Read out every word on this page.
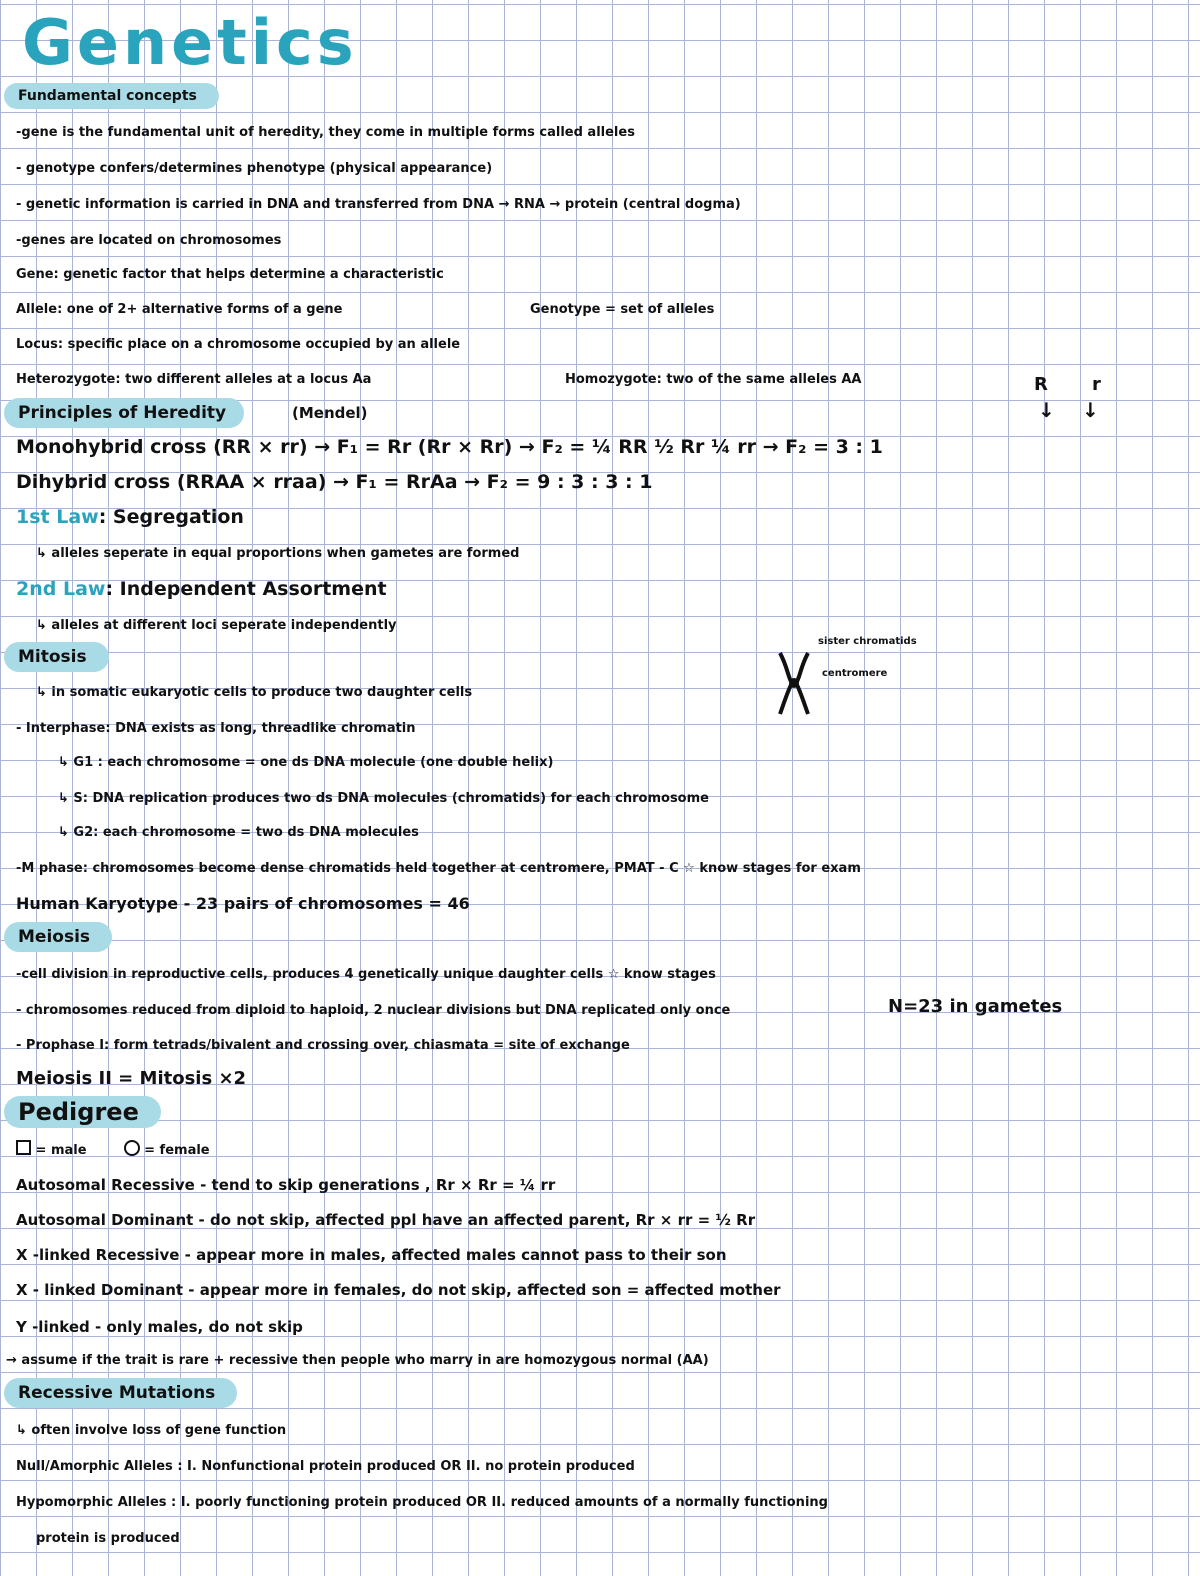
Genetics
Fundamental concepts
-gene is the fundamental unit of heredity, they come in multiple forms called alleles
- genotype confers/determines phenotype (physical appearance)
- genetic information is carried in DNA and transferred from DNA → RNA → protein (central dogma)
-genes are located on chromosomes
Gene: genetic factor that helps determine a characteristic
Allele: one of 2+ alternative forms of a gene	Genotype = set of alleles
Locus: specific place on a chromosome occupied by an allele
Heterozygote: two different alleles at a locus Aa	Homozygote: two of the same alleles AA	R r
↓ ↓
Principles of Heredity	(Mendel)
Monohybrid cross (RR × rr) → F₁ = Rr (Rr × Rr) → F₂ = ¼ RR ½ Rr ¼ rr → F₂ = 3 : 1
Dihybrid cross (RRAA × rraa) → F₁ = RrAa → F₂ = 9 : 3 : 3 : 1
1st Law: Segregation
↳ alleles seperate in equal proportions when gametes are formed
2nd Law: Independent Assortment
↳ alleles at different loci seperate independently
Mitosis
sister chromatids
centromere
↳ in somatic eukaryotic cells to produce two daughter cells
- Interphase: DNA exists as long, threadlike chromatin
↳ G1 : each chromosome = one ds DNA molecule (one double helix)
↳ S: DNA replication produces two ds DNA molecules (chromatids) for each chromosome
↳ G2: each chromosome = two ds DNA molecules
-M phase: chromosomes become dense chromatids held together at centromere, PMAT - C ☆ know stages for exam
Human Karyotype - 23 pairs of chromosomes = 46
Meiosis
-cell division in reproductive cells, produces 4 genetically unique daughter cells ☆ know stages
- chromosomes reduced from diploid to haploid, 2 nuclear divisions but DNA replicated only once	N=23 in gametes
- Prophase I: form tetrads/bivalent and crossing over, chiasmata = site of exchange
Meiosis II = Mitosis ×2
Pedigree
= male	= female
Autosomal Recessive - tend to skip generations , Rr × Rr = ¼ rr
Autosomal Dominant - do not skip, affected ppl have an affected parent, Rr × rr = ½ Rr
X -linked Recessive - appear more in males, affected males cannot pass to their son
X - linked Dominant - appear more in females, do not skip, affected son = affected mother
Y -linked - only males, do not skip
→ assume if the trait is rare + recessive then people who marry in are homozygous normal (AA)
Recessive Mutations
↳ often involve loss of gene function
Null/Amorphic Alleles : I. Nonfunctional protein produced OR II. no protein produced
Hypomorphic Alleles : I. poorly functioning protein produced OR II. reduced amounts of a normally functioning
protein is produced
